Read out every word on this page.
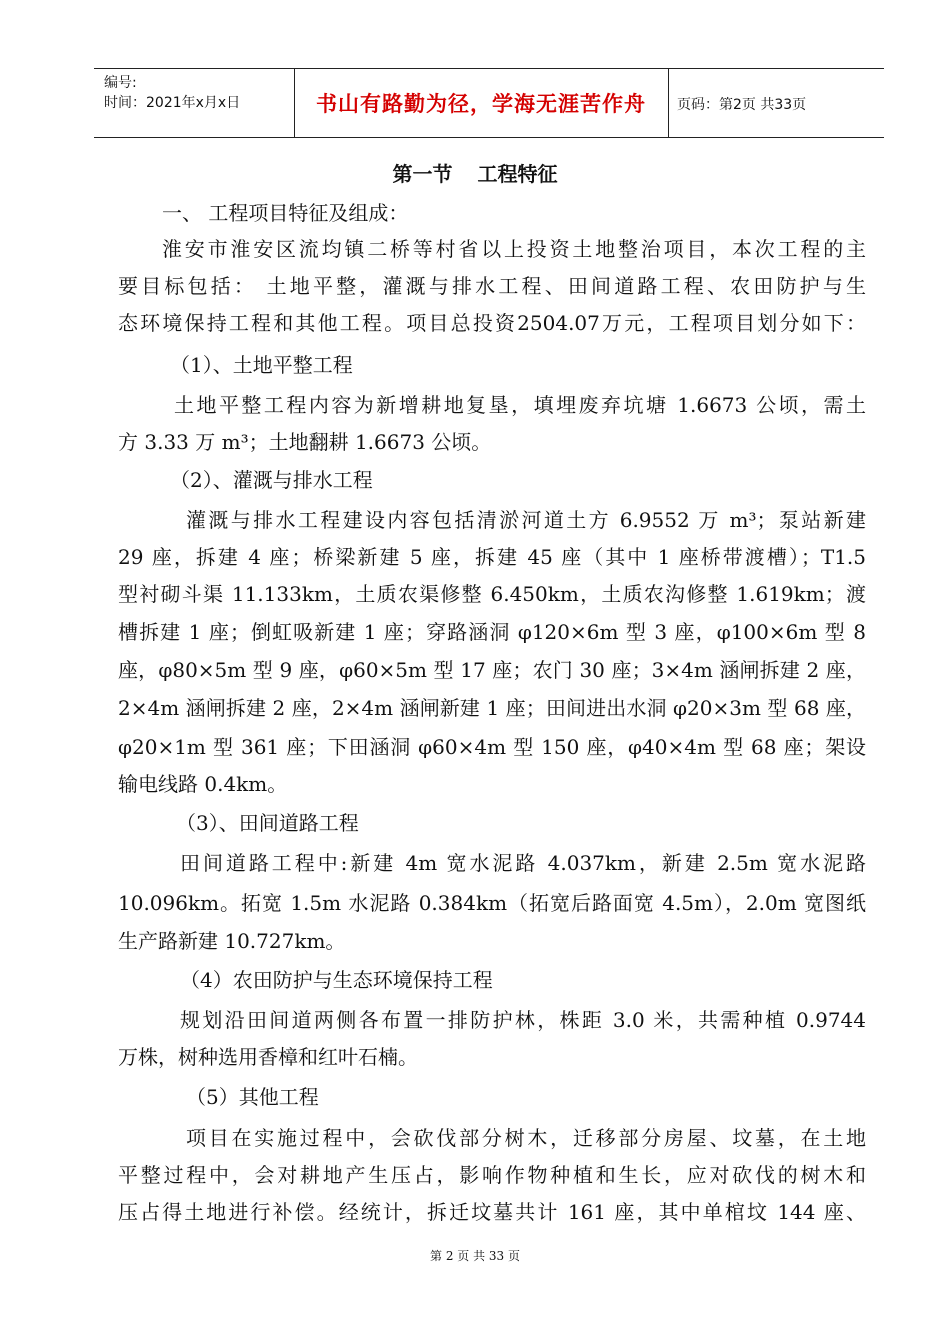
编号:
时间：2021年x月x日	书山有路勤为径，学海无涯苦作舟	页码：第2页 共33页
第一节 工程特征
一、 工程项目特征及组成：
淮安市淮安区流均镇二桥等村省以上投资土地整治项目，本次工程的主
要目标包括： 土地平整，灌溉与排水工程、田间道路工程、农田防护与生
态环境保持工程和其他工程。项目总投资2504.07万元，工程项目划分如下：
（1）、土地平整工程
土地平整工程内容为新增耕地复垦，填埋废弃坑塘 1.6673 公顷，需土
方 3.33 万 m³；土地翻耕 1.6673 公顷。
（2）、灌溉与排水工程
灌溉与排水工程建设内容包括清淤河道土方 6.9552 万 m³；泵站新建
29 座，拆建 4 座；桥梁新建 5 座，拆建 45 座（其中 1 座桥带渡槽）；T1.5
型衬砌斗渠 11.133km，土质农渠修整 6.450km，土质农沟修整 1.619km；渡
槽拆建 1 座；倒虹吸新建 1 座；穿路涵洞 φ120×6m 型 3 座，φ100×6m 型 8
座，φ80×5m 型 9 座，φ60×5m 型 17 座；农门 30 座；3×4m 涵闸拆建 2 座，
2×4m 涵闸拆建 2 座，2×4m 涵闸新建 1 座；田间进出水洞 φ20×3m 型 68 座，
φ20×1m 型 361 座；下田涵洞 φ60×4m 型 150 座，φ40×4m 型 68 座；架设
输电线路 0.4km。
（3）、田间道路工程
田间道路工程中:新建 4m 宽水泥路 4.037km，新建 2.5m 宽水泥路
10.096km。拓宽 1.5m 水泥路 0.384km（拓宽后路面宽 4.5m），2.0m 宽图纸
生产路新建 10.727km。
（4）农田防护与生态环境保持工程
规划沿田间道两侧各布置一排防护林，株距 3.0 米，共需种植 0.9744
万株，树种选用香樟和红叶石楠。
（5）其他工程
项目在实施过程中，会砍伐部分树木，迁移部分房屋、坟墓，在土地
平整过程中，会对耕地产生压占，影响作物种植和生长，应对砍伐的树木和
压占得土地进行补偿。经统计，拆迁坟墓共计 161 座，其中单棺坟 144 座、
第 2 页 共 33 页
